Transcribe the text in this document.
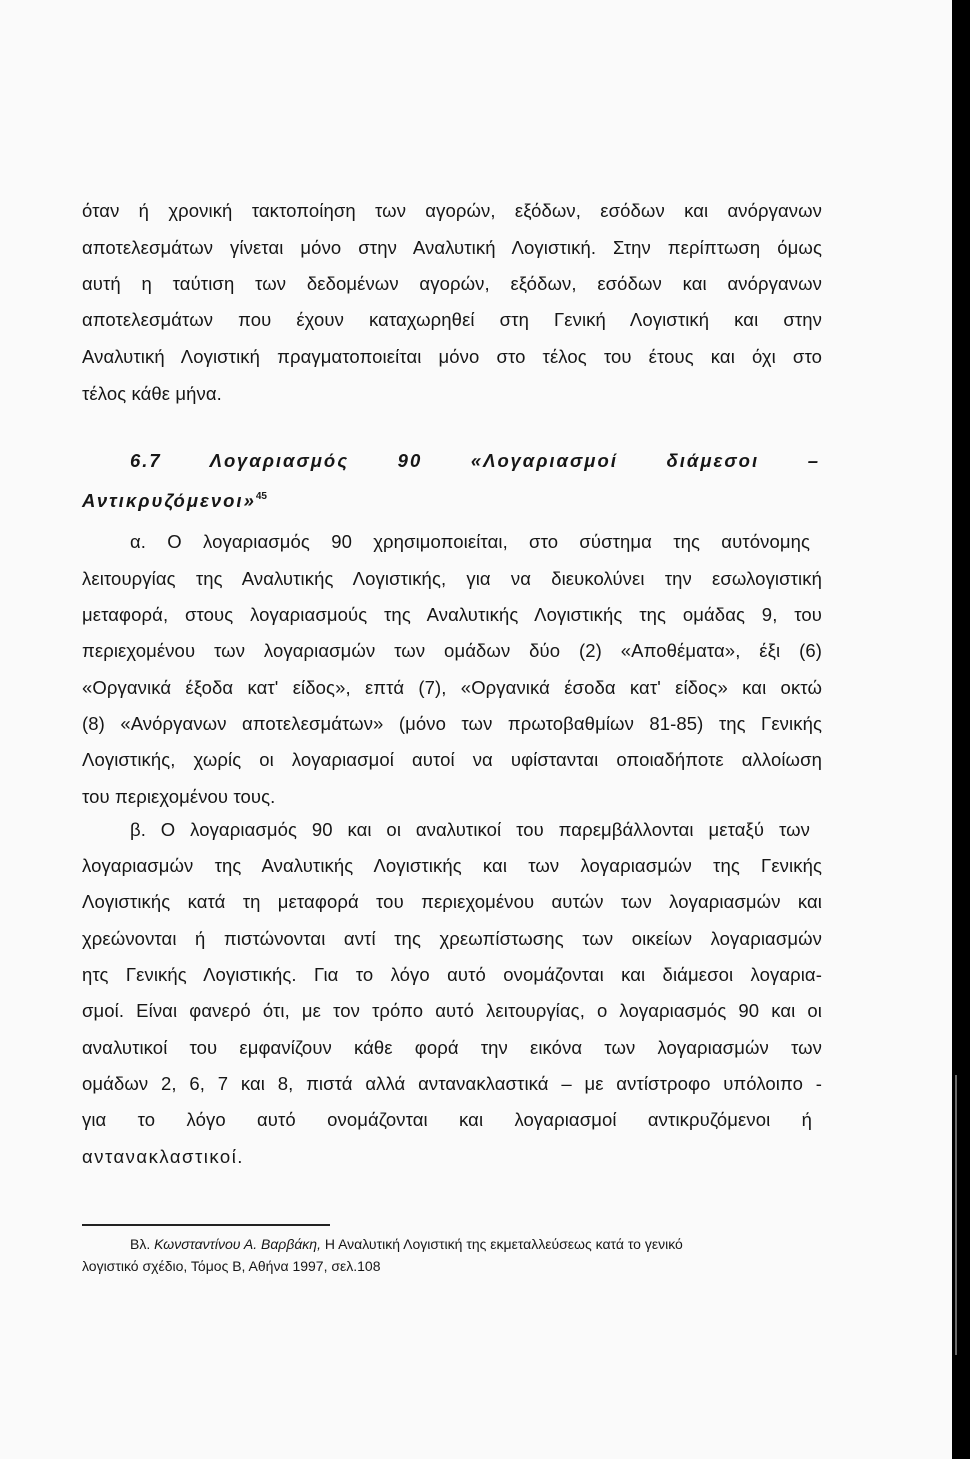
όταν ή χρονική τακτοποίηση των αγορών, εξόδων, εσόδων και ανόργανων
αποτελεσμάτων γίνεται μόνο στην Αναλυτική Λογιστική. Στην περίπτωση όμως
αυτή η ταύτιση των δεδομένων αγορών, εξόδων, εσόδων και ανόργανων
αποτελεσμάτων που έχουν καταχωρηθεί στη Γενική Λογιστική και στην
Αναλυτική Λογιστική πραγματοποιείται μόνο στο τέλος του έτους και όχι στο
τέλος κάθε μήνα.
6.7 Λογαριασμός 90 «Λογαριασμοί διάμεσοι –
Αντικρυζόμενοι»$^{45}$
α. Ο λογαριασμός 90 χρησιμοποιείται, στο σύστημα της αυτόνομης
λειτουργίας της Αναλυτικής Λογιστικής, για να διευκολύνει την εσωλογιστική
μεταφορά, στους λογαριασμούς της Αναλυτικής Λογιστικής της ομάδας 9, του
περιεχομένου των λογαριασμών των ομάδων δύο (2) «Αποθέματα», έξι (6)
«Οργανικά έξοδα κατ' είδος», επτά (7), «Οργανικά έσοδα κατ' είδος» και οκτώ
(8) «Ανόργανων αποτελεσμάτων» (μόνο των πρωτοβαθμίων 81-85) της Γενικής
Λογιστικής, χωρίς οι λογαριασμοί αυτοί να υφίστανται οποιαδήποτε αλλοίωση
του περιεχομένου τους.
β. Ο λογαριασμός 90 και οι αναλυτικοί του παρεμβάλλονται μεταξύ των
λογαριασμών της Αναλυτικής Λογιστικής και των λογαριασμών της Γενικής
Λογιστικής κατά τη μεταφορά του περιεχομένου αυτών των λογαριασμών και
χρεώνονται ή πιστώνονται αντί της χρεωπίστωσης των οικείων λογαριασμών
ητς Γενικής Λογιστικής. Για το λόγο αυτό ονομάζονται και διάμεσοι λογαρια-
σμοί. Είναι φανερό ότι, με τον τρόπο αυτό λειτουργίας, ο λογαριασμός 90 και οι
αναλυτικοί του εμφανίζουν κάθε φορά την εικόνα των λογαριασμών των
ομάδων 2, 6, 7 και 8, πιστά αλλά αντανακλαστικά – με αντίστροφο υπόλοιπο -
για το λόγο αυτό ονομάζονται και λογαριασμοί αντικρυζόμενοι ή
αντανακλαστικοί.
Βλ. Κωνσταντίνου Α. Βαρβάκη, Η Αναλυτική Λογιστική της εκμεταλλεύσεως κατά το γενικό
λογιστικό σχέδιο, Τόμος Β, Αθήνα 1997, σελ.108
